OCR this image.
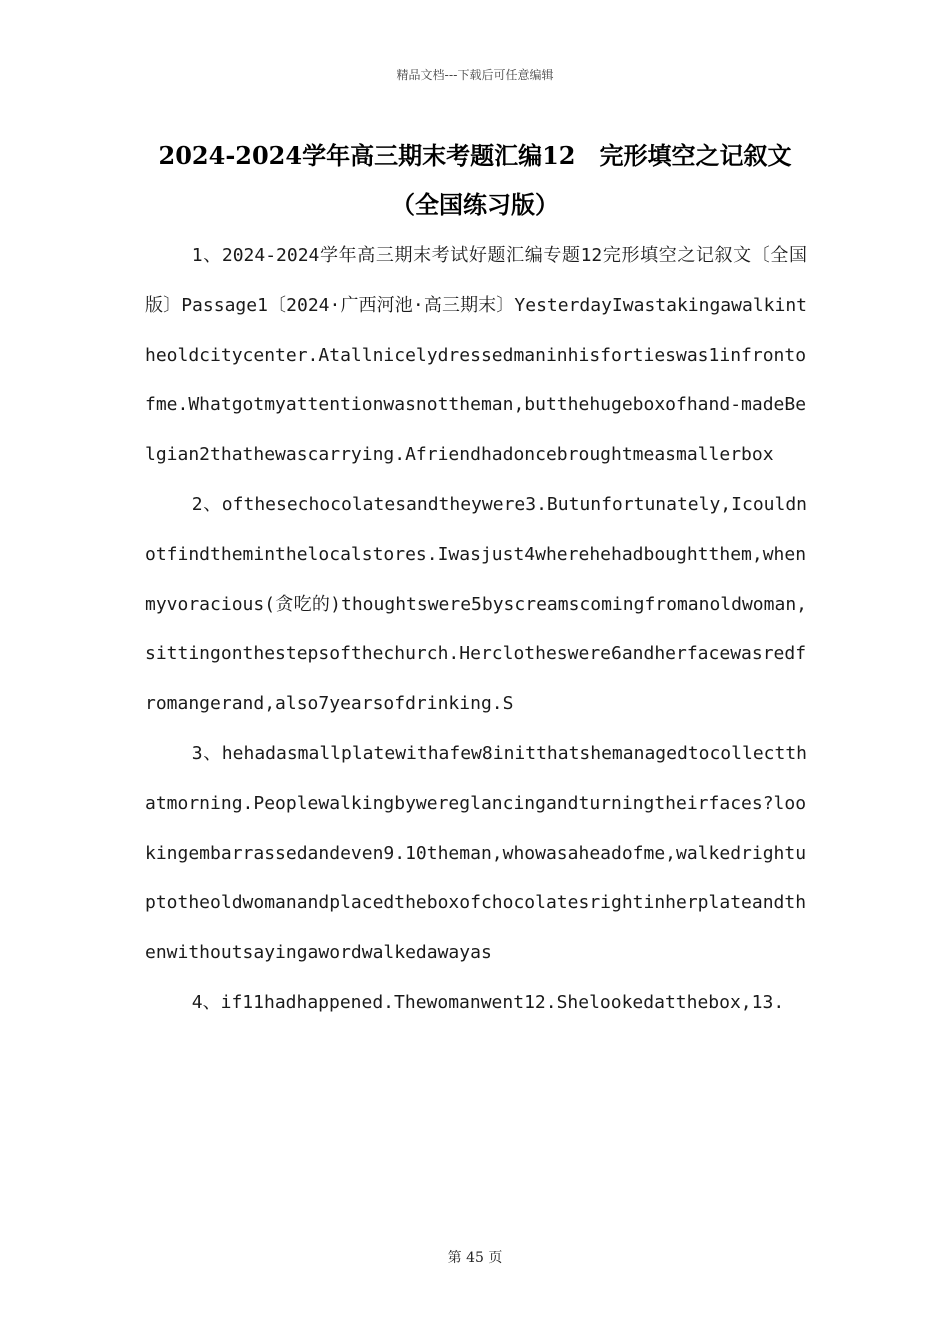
精品文档---下载后可任意编辑
2024-2024学年高三期末考题汇编12　完形填空之记叙文
（全国练习版）

1、2024-2024学年高三期末考试好题汇编专题12完形填空之记叙文〔全国版〕Passage1〔2024·广西河池·高三期末〕YesterdayIwastakingawalkintheoldcitycenter.Atallnicelydressedmaninhisfortieswas1infrontofme.Whatgotmyattentionwasnottheman,butthehugeboxofhand-madeBelgian2thathewascarrying.Afriendhadoncebroughtmeasmallerbox

2、ofthesechocolatesandtheywere3.Butunfortunately,Icouldnotfindtheminthelocalstores.Iwasjust4wherehehadboughtthem,whenmyvoracious(贪吃的)thoughtswere5byscreamscomingfromanoldwoman,sittingonthestepsofthechurch.Herclotheswere6andherfacewasredfromangerand,also7yearsofdrinking.S

3、hehadasmallplatewithafew8initthatshemanagedtocollectthatmorning.Peoplewalkingbywereglancingandturningtheirfaces?lookingembarrassedandeven9.10theman,whowasaheadofme,walkedrightuptotheoldwomanandplacedtheboxofchocolatesrightinherplateandthenwithoutsayingawordwalkedawayas

4、if11hadhappened.Thewomanwent12.Shelookedatthebox,13.

第 45 页
